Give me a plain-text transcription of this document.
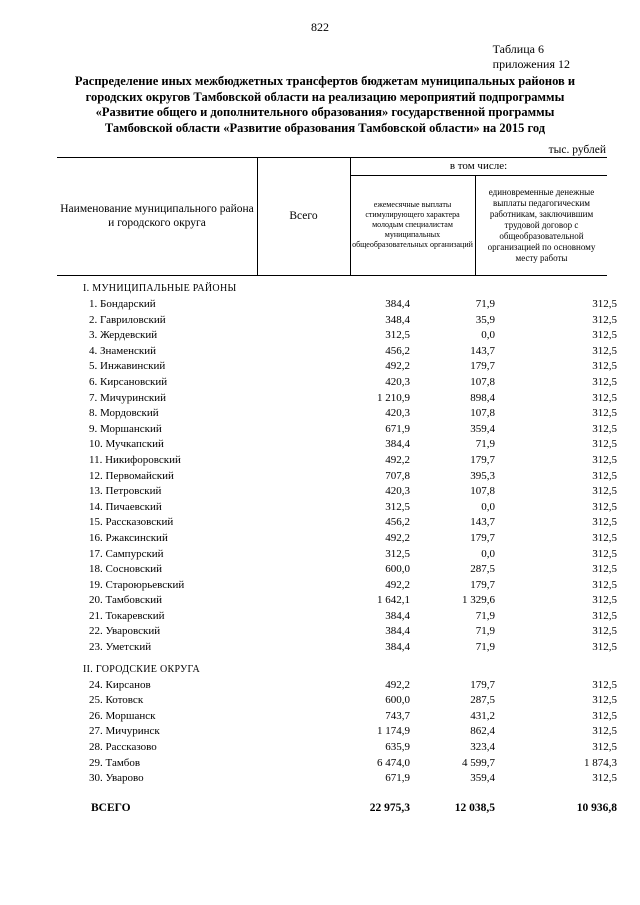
822
Таблица 6
приложения 12
Распределение иных межбюджетных трансфертов бюджетам муниципальных районов и городских округов Тамбовской области на реализацию мероприятий подпрограммы «Развитие общего и дополнительного образования» государственной программы Тамбовской области «Развитие образования Тамбовской области» на 2015 год
тыс. рублей
Наименование муниципального района и городского округа
Всего
в том числе:
ежемесячные выплаты стимулирующего характера молодым специалистам муниципальных общеобразовательных организаций
единовременные денежные выплаты педагогическим работникам, заключившим трудовой договор с общеобразовательной организацией по основному месту работы
I. МУНИЦИПАЛЬНЫЕ РАЙОНЫ
1. Бондарский	384,4	71,9	312,5
2. Гавриловский	348,4	35,9	312,5
3. Жердевский	312,5	0,0	312,5
4. Знаменский	456,2	143,7	312,5
5. Инжавинский	492,2	179,7	312,5
6. Кирсановский	420,3	107,8	312,5
7. Мичуринский	1 210,9	898,4	312,5
8. Мордовский	420,3	107,8	312,5
9. Моршанский	671,9	359,4	312,5
10. Мучкапский	384,4	71,9	312,5
11. Никифоровский	492,2	179,7	312,5
12. Первомайский	707,8	395,3	312,5
13. Петровский	420,3	107,8	312,5
14. Пичаевский	312,5	0,0	312,5
15. Рассказовский	456,2	143,7	312,5
16. Ржаксинский	492,2	179,7	312,5
17. Сампурский	312,5	0,0	312,5
18. Сосновский	600,0	287,5	312,5
19. Староюрьевский	492,2	179,7	312,5
20. Тамбовский	1 642,1	1 329,6	312,5
21. Токаревский	384,4	71,9	312,5
22. Уваровский	384,4	71,9	312,5
23. Уметский	384,4	71,9	312,5
II. ГОРОДСКИЕ ОКРУГА
24. Кирсанов	492,2	179,7	312,5
25. Котовск	600,0	287,5	312,5
26. Моршанск	743,7	431,2	312,5
27. Мичуринск	1 174,9	862,4	312,5
28. Рассказово	635,9	323,4	312,5
29. Тамбов	6 474,0	4 599,7	1 874,3
30. Уварово	671,9	359,4	312,5
ВСЕГО	22 975,3	12 038,5	10 936,8
